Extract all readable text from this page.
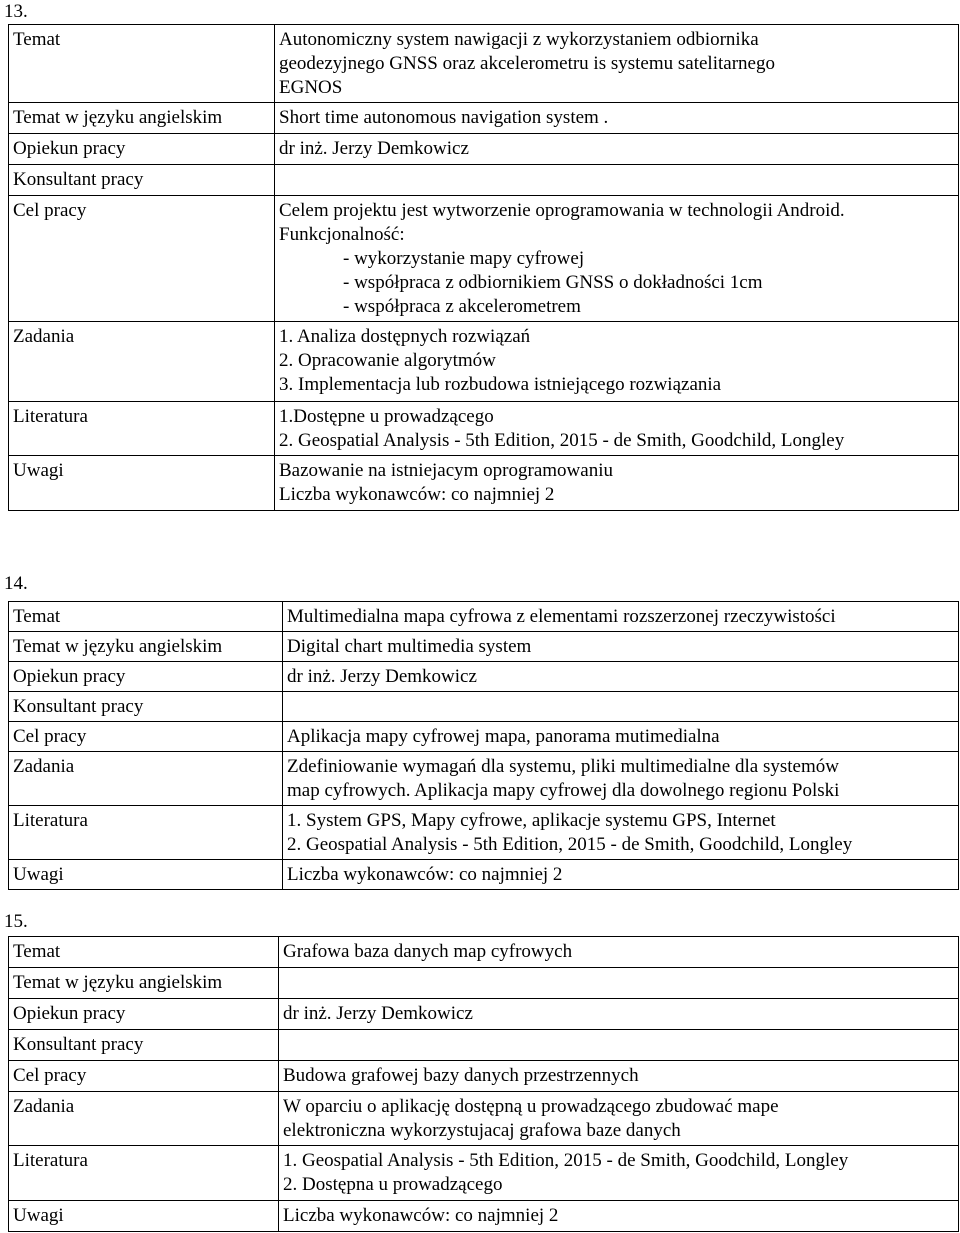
13.
Temat	Autonomiczny system nawigacji z wykorzystaniem odbiornika
geodezyjnego GNSS oraz akcelerometru is systemu satelitarnego
EGNOS

Temat w języku angielskim	Short time autonomous navigation system .

Opiekun pracy	dr inż. Jerzy Demkowicz

Konsultant pracy	

Cel pracy	Celem projektu jest wytworzenie oprogramowania w technologii Android.
Funkcjonalność:
- wykorzystanie mapy cyfrowej
- współpraca z odbiornikiem GNSS o dokładności 1cm
- współpraca z akcelerometrem

Zadania	1. Analiza dostępnych rozwiązań
2. Opracowanie algorytmów
3. Implementacja lub rozbudowa istniejącego rozwiązania

Literatura	1.Dostępne u prowadzącego
2. Geospatial Analysis - 5th Edition, 2015 - de Smith, Goodchild, Longley

Uwagi	Bazowanie na istniejacym oprogramowaniu
Liczba wykonawców: co najmniej 2
14.
Temat	Multimedialna mapa cyfrowa z elementami rozszerzonej rzeczywistości

Temat w języku angielskim	Digital chart multimedia system

Opiekun pracy	dr inż. Jerzy Demkowicz

Konsultant pracy	

Cel pracy	Aplikacja mapy cyfrowej mapa, panorama mutimedialna

Zadania	Zdefiniowanie wymagań dla systemu, pliki multimedialne dla systemów
map cyfrowych. Aplikacja mapy cyfrowej dla dowolnego regionu Polski

Literatura	1. System GPS, Mapy cyfrowe, aplikacje systemu GPS, Internet
2. Geospatial Analysis - 5th Edition, 2015 - de Smith, Goodchild, Longley

Uwagi	Liczba wykonawców: co najmniej 2
15.
Temat	Grafowa baza danych map cyfrowych

Temat w języku angielskim	

Opiekun pracy	dr inż. Jerzy Demkowicz

Konsultant pracy	

Cel pracy	Budowa grafowej bazy danych przestrzennych

Zadania	W oparciu o aplikację dostępną u prowadzącego zbudować mape
elektroniczna wykorzystujacaj grafowa baze danych

Literatura	1. Geospatial Analysis - 5th Edition, 2015 - de Smith, Goodchild, Longley
2. Dostępna u prowadzącego

Uwagi	Liczba wykonawców: co najmniej 2
